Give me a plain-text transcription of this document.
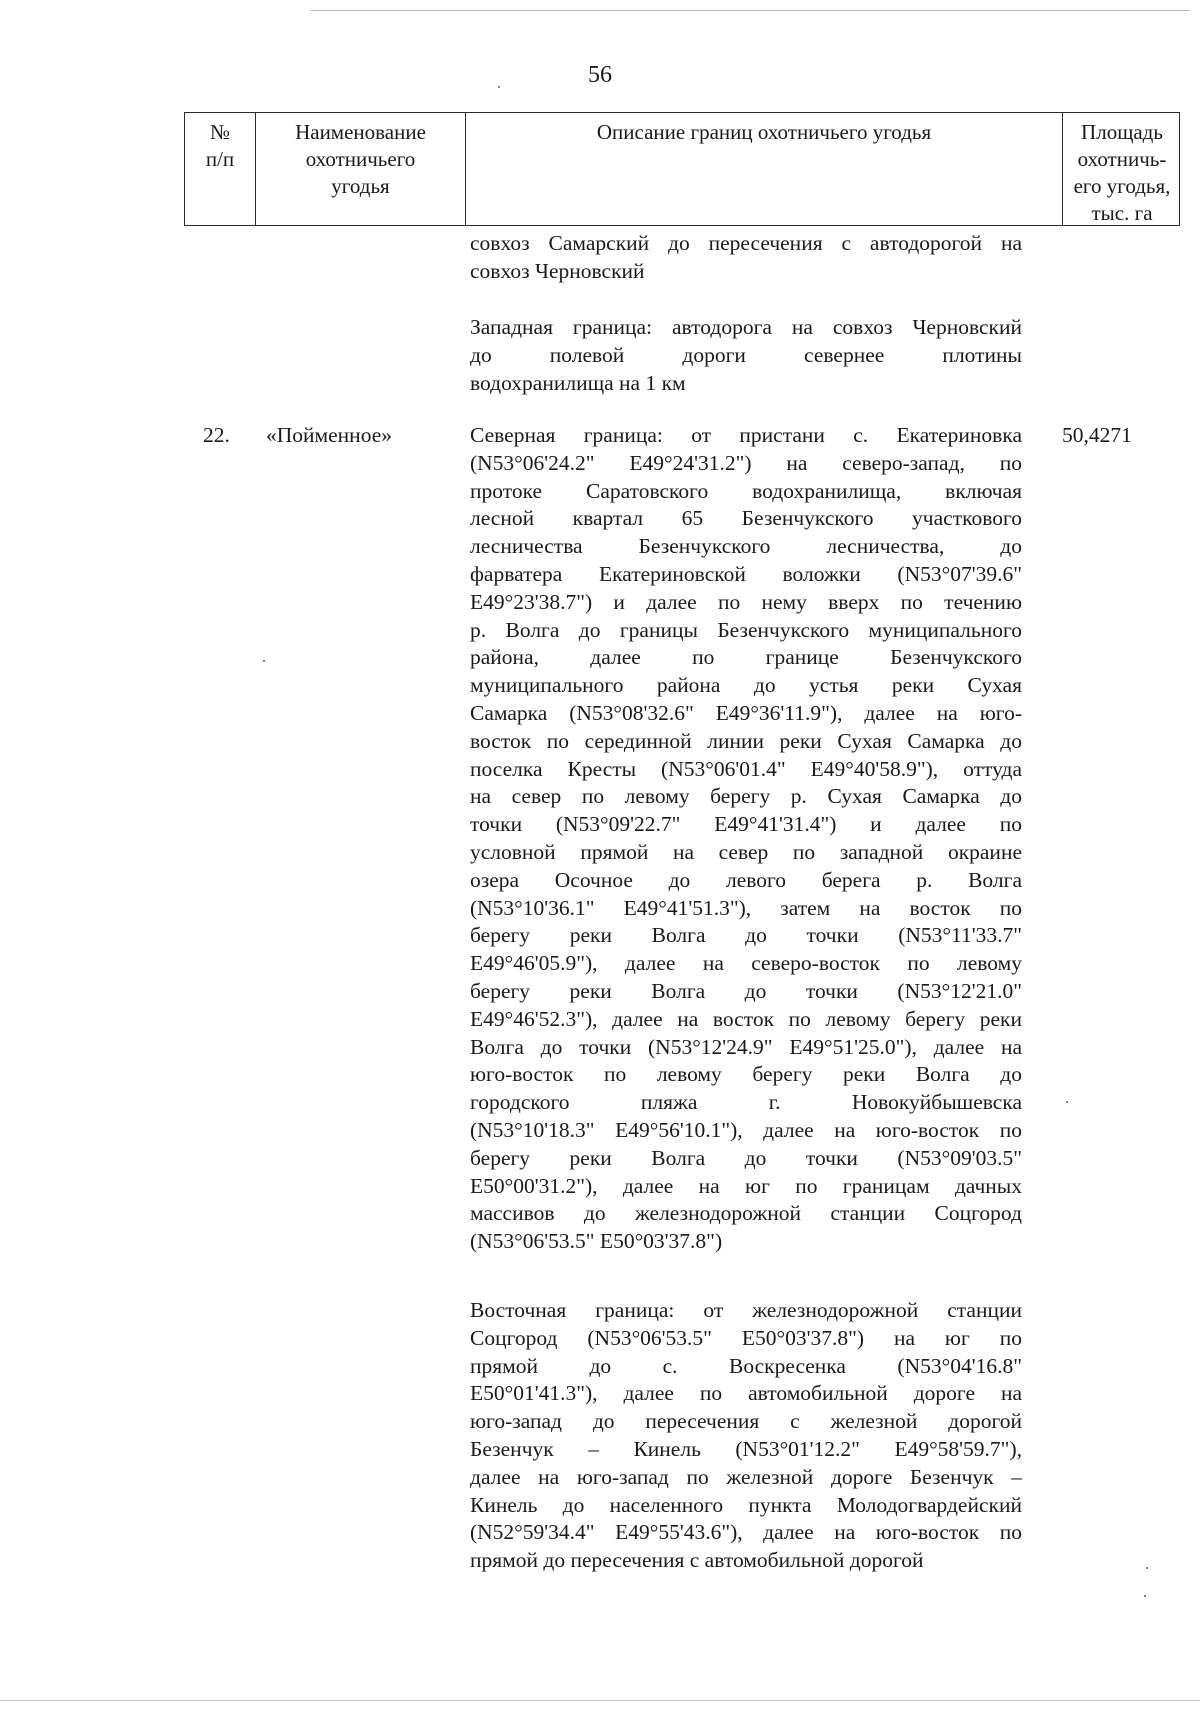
56
№
п/п
Наименование
охотничьего
угодья
Описание границ охотничьего угодья	Площадь
охотничь-
его угодья,
тыс. га
совхоз Самарский до пересечения с автодорогой на
совхоз Черновский
Западная граница: автодорога на совхоз Черновский
до полевой дороги севернее плотины
водохранилища на 1 км
22. «Пойменное»	50,4271
Северная граница: от пристани с. Екатериновка
(N53°06'24.2" E49°24'31.2") на северо-запад, по
протоке Саратовского водохранилища, включая
лесной квартал 65 Безенчукского участкового
лесничества Безенчукского лесничества, до
фарватера Екатериновской воложки (N53°07'39.6"
E49°23'38.7") и далее по нему вверх по течению
р. Волга до границы Безенчукского муниципального
района, далее по границе Безенчукского
муниципального района до устья реки Сухая
Самарка (N53°08'32.6" E49°36'11.9"), далее на юго-
восток по серединной линии реки Сухая Самарка до
поселка Кресты (N53°06'01.4" E49°40'58.9"), оттуда
на север по левому берегу р. Сухая Самарка до
точки (N53°09'22.7" E49°41'31.4") и далее по
условной прямой на север по западной окраине
озера Осочное до левого берега р. Волга
(N53°10'36.1" E49°41'51.3"), затем на восток по
берегу реки Волга до точки (N53°11'33.7"
E49°46'05.9"), далее на северо-восток по левому
берегу реки Волга до точки (N53°12'21.0"
E49°46'52.3"), далее на восток по левому берегу реки
Волга до точки (N53°12'24.9" E49°51'25.0"), далее на
юго-восток по левому берегу реки Волга до
городского пляжа г. Новокуйбышевска
(N53°10'18.3" E49°56'10.1"), далее на юго-восток по
берегу реки Волга до точки (N53°09'03.5"
E50°00'31.2"), далее на юг по границам дачных
массивов до железнодорожной станции Соцгород
(N53°06'53.5" E50°03'37.8")
Восточная граница: от железнодорожной станции
Соцгород (N53°06'53.5" E50°03'37.8") на юг по
прямой до с. Воскресенка (N53°04'16.8"
E50°01'41.3"), далее по автомобильной дороге на
юго-запад до пересечения с железной дорогой
Безенчук – Кинель (N53°01'12.2" E49°58'59.7"),
далее на юго-запад по железной дороге Безенчук –
Кинель до населенного пункта Молодогвардейский
(N52°59'34.4" E49°55'43.6"), далее на юго-восток по
прямой до пересечения с автомобильной дорогой
